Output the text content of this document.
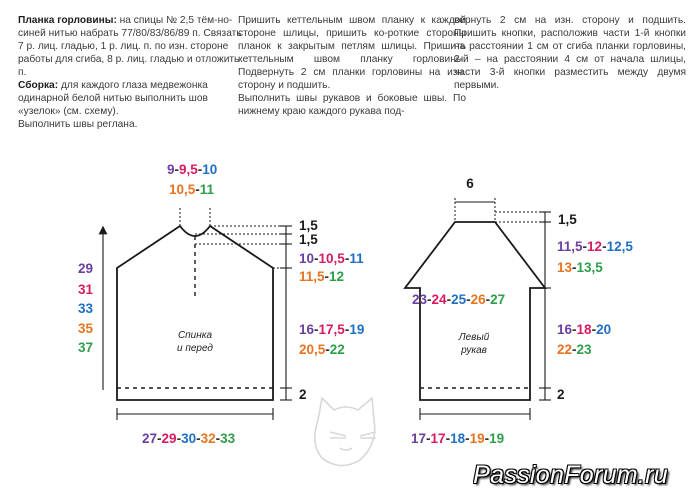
Планка горловины: на спицы № 2,5 тём-но-синей нитью набрать 77/80/83/86/89 п. Связать 7 р. лиц. гладью, 1 р. лиц. п. по изн. стороне работы для сгиба, 8 р. лиц. гладью и отложить п.

Сборка: для каждого глаза медвежонка одинарной белой нитью выполнить шов «узелок» (см. схему).

Выполнить швы реглана.

Пришить кеттельным швом планку к каждой стороне шлицы, пришить ко-роткие стороны планок к закрытым петлям шлицы. Пришить кеттельным швом планку горловины. Подвернуть 2 см планки горловины на изн. сторону и подшить.

Выполнить швы рукавов и боковые швы. По нижнему краю каждого рукава под-

вернуть 2 см на изн. сторону и подшить. Пришить кнопки, расположив части 1-й кнопки на расстоянии 1 см от сгиба планки горловины, 2-й – на расстоянии 4 см от начала шлицы, части 3-й кнопки разместить между двумя первыми.

Спинка
и перед
9-9,5-10
10,5-11
1,5
1,5
10-10,5-11
11,5-12
16-17,5-19
20,5-22
2
29
31
33
35
37
27-29-30-32-33
Левый
рукав
6
1,5
11,5-12-12,5
13-13,5
23-24-25-26-27
16-18-20
22-23
2
17-17-18-19-19
PassionForum.ru
